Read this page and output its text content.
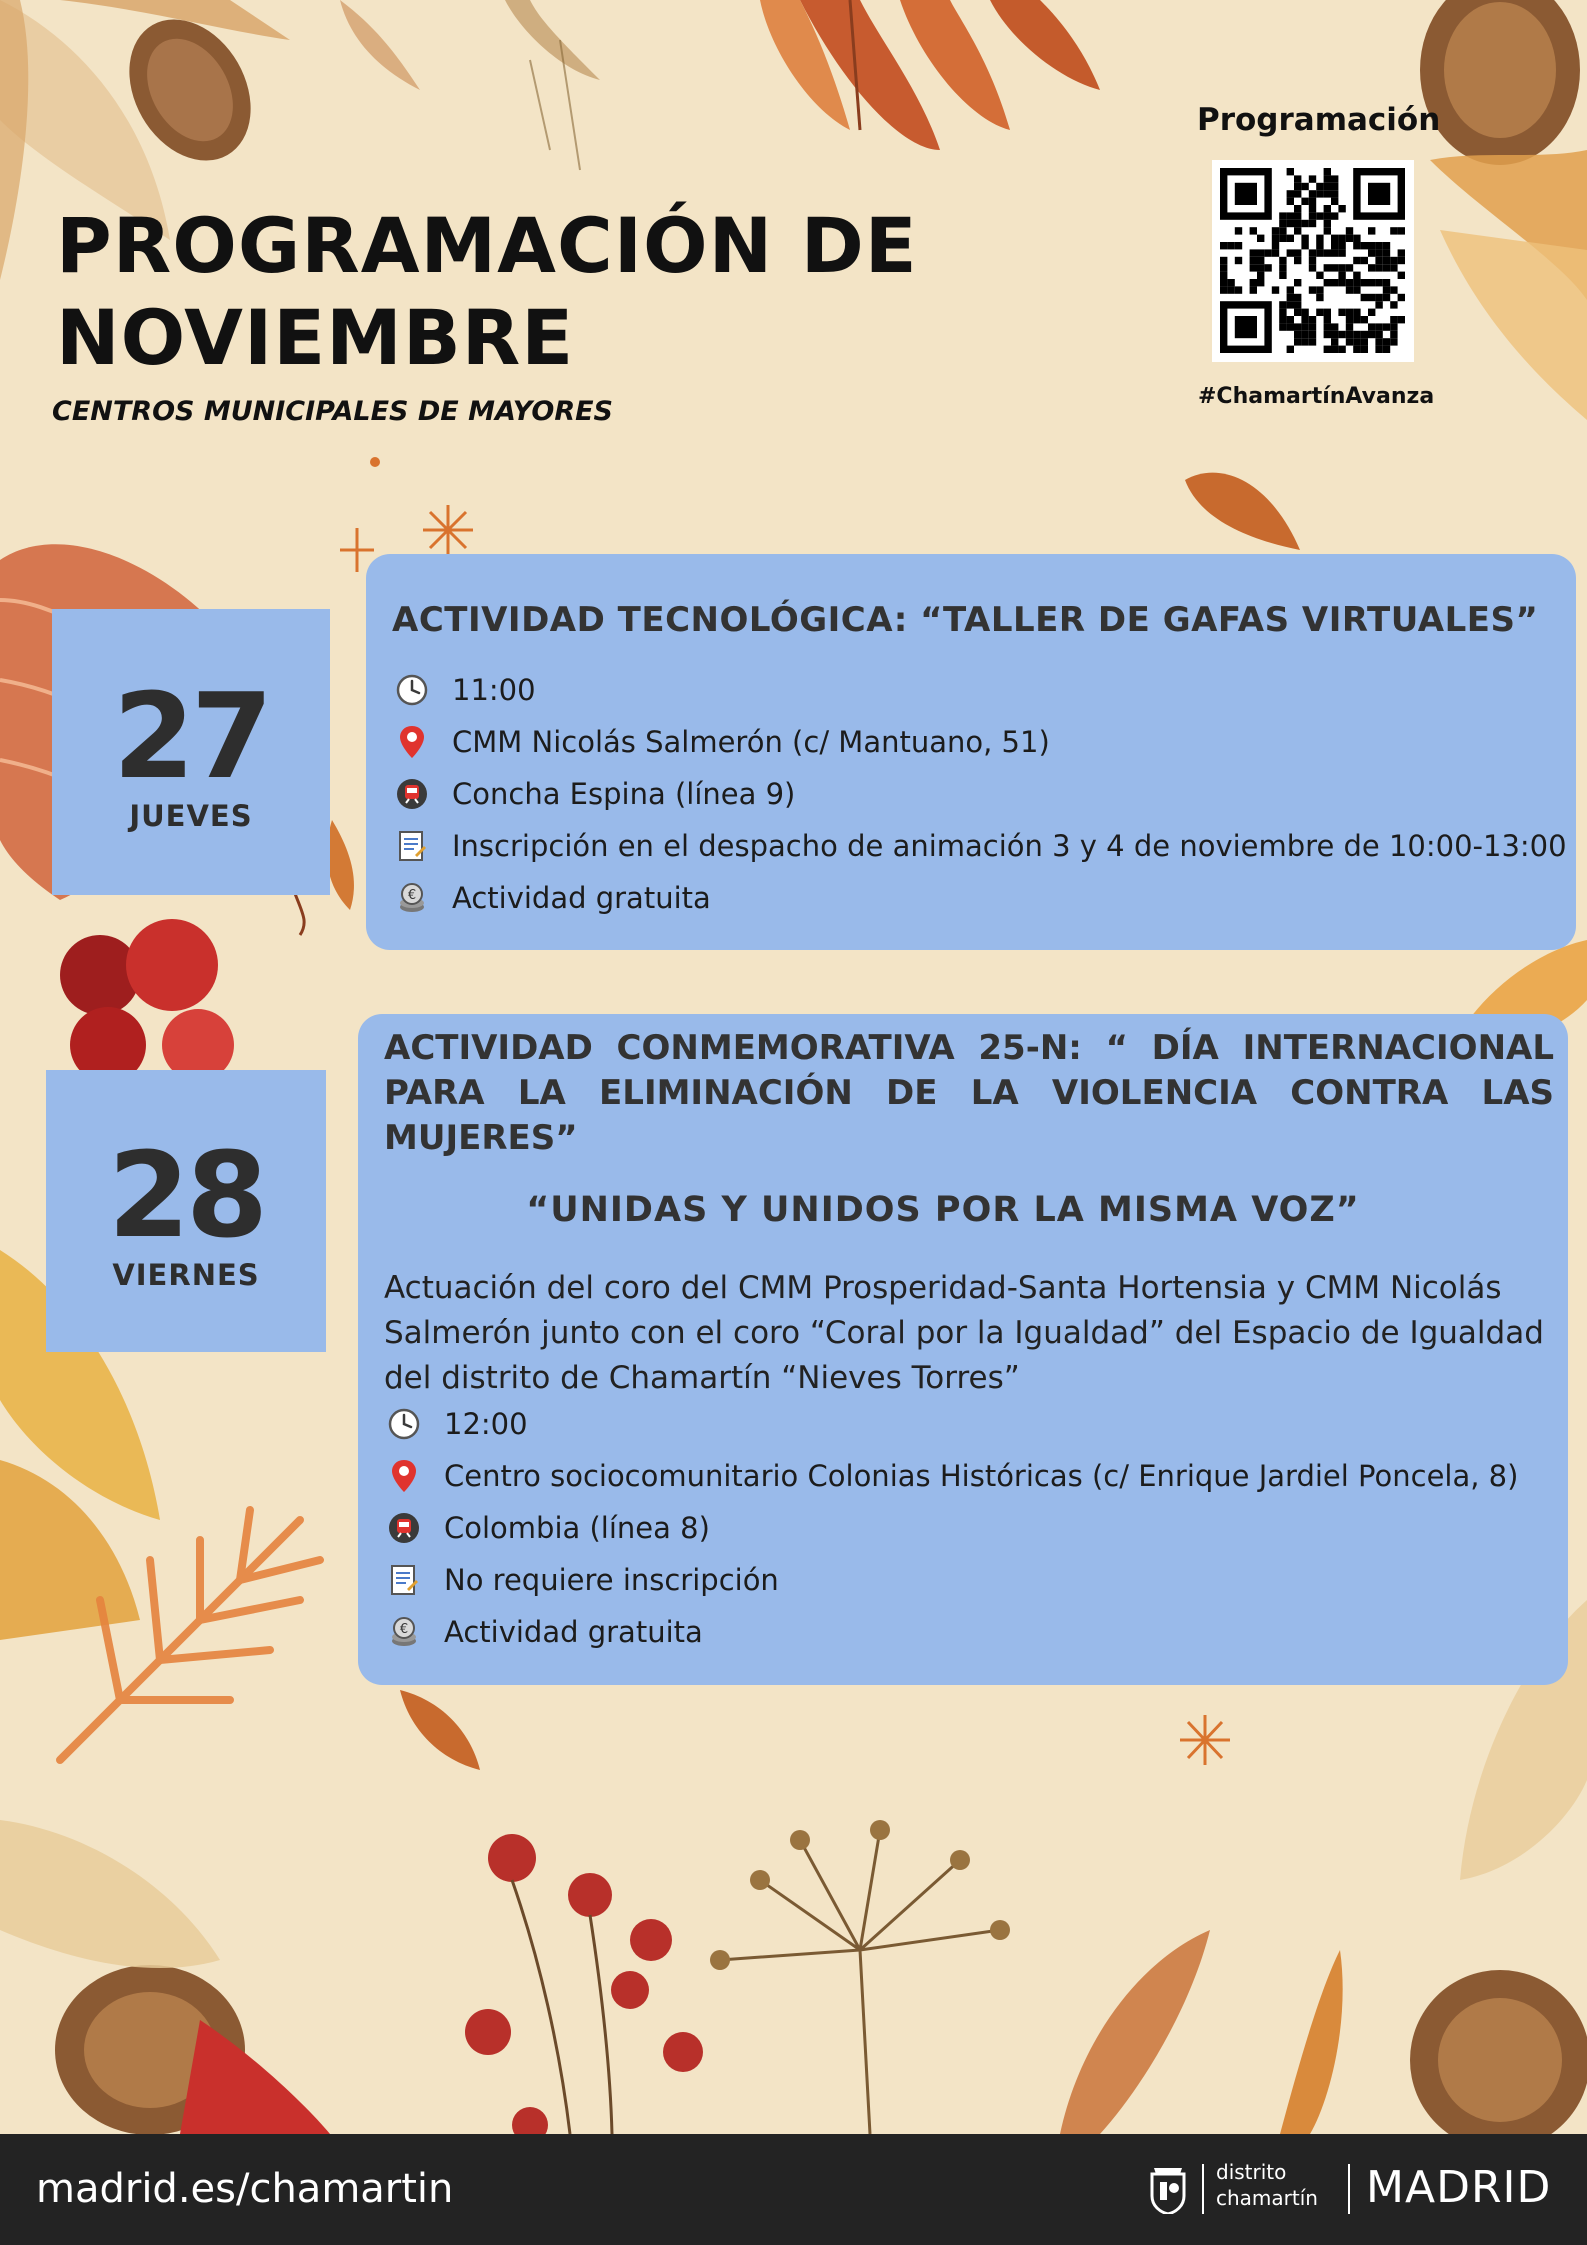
PROGRAMACIÓN DE
NOVIEMBRE
CENTROS MUNICIPALES DE MAYORES
Programación
#ChamartínAvanza
27
JUEVES
ACTIVIDAD TECNOLÓGICA: “TALLER DE GAFAS VIRTUALES”
11:00
CMM Nicolás Salmerón (c/ Mantuano, 51)
Concha Espina (línea 9)
Inscripción en el despacho de animación 3 y 4 de noviembre de 10:00-13:00
€ Actividad gratuita
28
VIERNES
ACTIVIDAD CONMEMORATIVA 25-N: “ DÍA INTERNACIONAL PARA LA ELIMINACIÓN DE LA VIOLENCIA CONTRA LAS MUJERES”
“UNIDAS Y UNIDOS POR LA MISMA VOZ”
Actuación del coro del CMM Prosperidad-Santa Hortensia y CMM Nicolás Salmerón junto con el coro “Coral por la Igualdad” del Espacio de Igualdad del distrito de Chamartín “Nieves Torres”
12:00
Centro sociocomunitario Colonias Históricas (c/ Enrique Jardiel Poncela, 8)
Colombia (línea 8)
No requiere inscripción
€ Actividad gratuita
madrid.es/chamartin	distrito
chamartín MADRID
